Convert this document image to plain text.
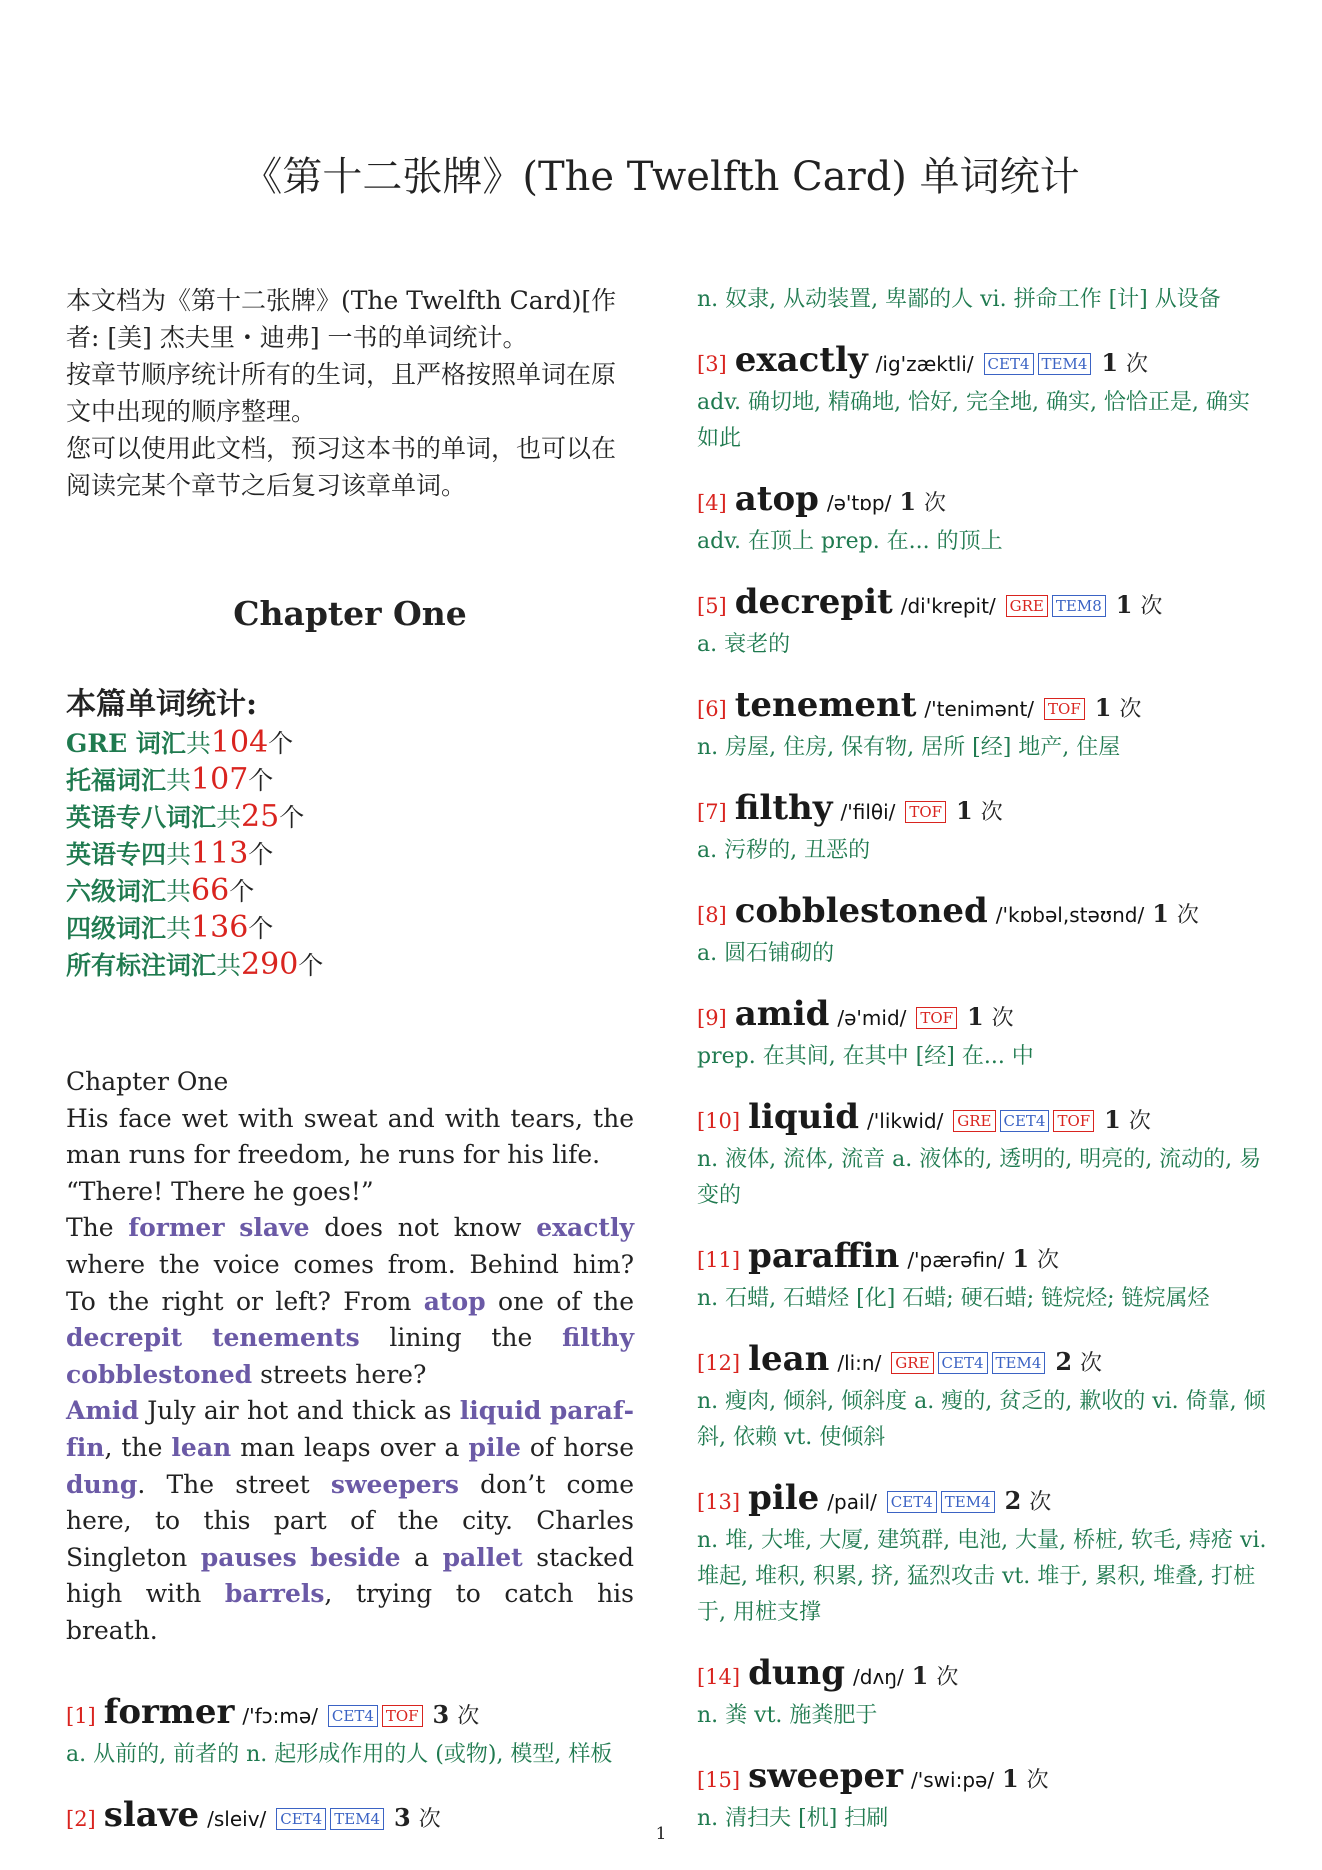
《第十二张牌》(The Twelfth Card) 单词统计

本文档为《第十二张牌》(The Twelfth Card)[作者: [美] 杰夫里・迪弗] 一书的单词统计。

按章节顺序统计所有的生词，且严格按照单词在原文中出现的顺序整理。

您可以使用此文档，预习这本书的单词，也可以在阅读完某个章节之后复习该章单词。

Chapter One
本篇单词统计:
GRE 词汇共104个
托福词汇共107个
英语专八词汇共25个
英语专四共113个
六级词汇共66个
四级词汇共136个
所有标注词汇共290个

Chapter One

His face wet with sweat and with tears, the man runs for freedom, he runs for his life.

“There! There he goes!”

The former slave does not know exactly where the voice comes from. Behind him? To the right or left? From atop one of the decrepit tenements lining the filthy cobblestoned streets here?

Amid July air hot and thick as liquid paraffin, the lean man leaps over a pile of horse dung. The street sweepers don’t come here, to this part of the city. Charles Singleton pauses beside a pallet stacked high with barrels, trying to catch his breath.

[1] former /'fɔ:mə/ CET4 TOF 3 次
a. 从前的, 前者的 n. 起形成作用的人 (或物), 模型, 样板
[2] slave /sleiv/ CET4 TEM4 3 次
n. 奴隶, 从动装置, 卑鄙的人 vi. 拼命工作 [计] 从设备
[3] exactly /ig'zæktli/ CET4 TEM4 1 次
adv. 确切地, 精确地, 恰好, 完全地, 确实, 恰恰正是, 确实如此
[4] atop /ə'tɒp/ 1 次
adv. 在顶上 prep. 在... 的顶上
[5] decrepit /di'krepit/ GRE TEM8 1 次
a. 衰老的
[6] tenement /'tenimənt/ TOF 1 次
n. 房屋, 住房, 保有物, 居所 [经] 地产, 住屋
[7] filthy /'filθi/ TOF 1 次
a. 污秽的, 丑恶的
[8] cobblestoned /'kɒbəl,stəʊnd/ 1 次
a. 圆石铺砌的
[9] amid /ə'mid/ TOF 1 次
prep. 在其间, 在其中 [经] 在... 中
[10] liquid /'likwid/ GRE CET4 TOF 1 次
n. 液体, 流体, 流音 a. 液体的, 透明的, 明亮的, 流动的, 易变的
[11] paraffin /'pærəfin/ 1 次
n. 石蜡, 石蜡烃 [化] 石蜡; 硬石蜡; 链烷烃; 链烷属烃
[12] lean /li:n/ GRE CET4 TEM4 2 次
n. 瘦肉, 倾斜, 倾斜度 a. 瘦的, 贫乏的, 歉收的 vi. 倚靠, 倾斜, 依赖 vt. 使倾斜
[13] pile /pail/ CET4 TEM4 2 次
n. 堆, 大堆, 大厦, 建筑群, 电池, 大量, 桥桩, 软毛, 痔疮 vi. 堆起, 堆积, 积累, 挤, 猛烈攻击 vt. 堆于, 累积, 堆叠, 打桩于, 用桩支撑
[14] dung /dʌŋ/ 1 次
n. 粪 vt. 施粪肥于
[15] sweeper /'swi:pə/ 1 次
n. 清扫夫 [机] 扫刷
1
